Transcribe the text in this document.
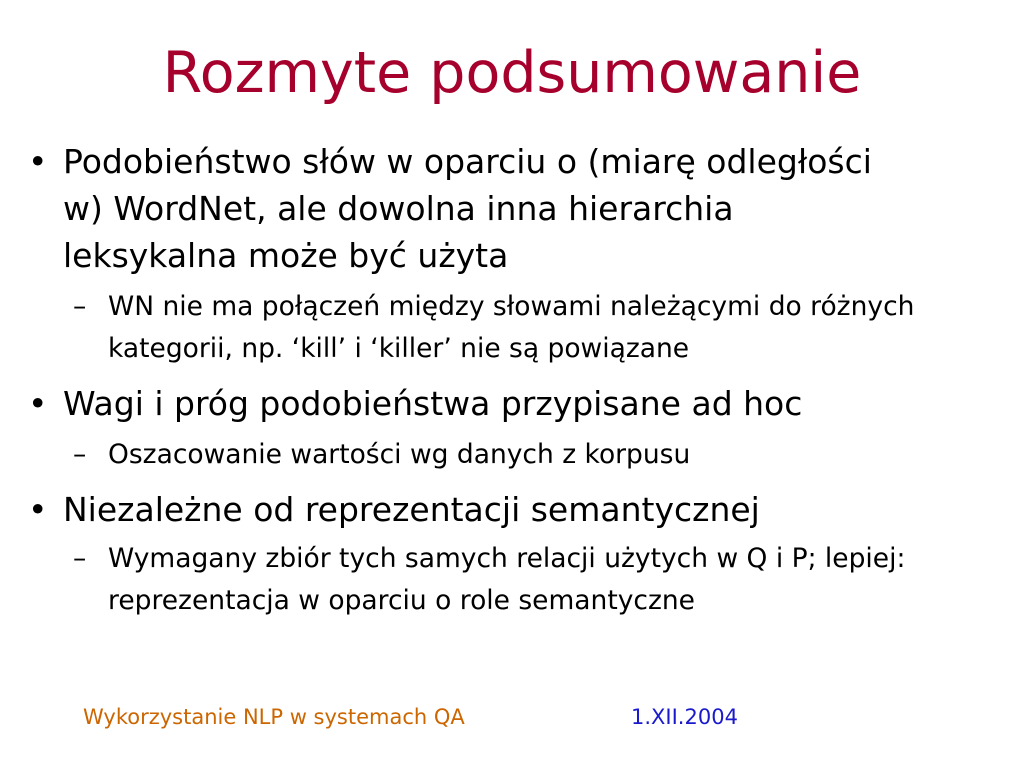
Rozmyte podsumowanie
• Podobieństwo słów w oparciu o (miarę odległości w) WordNet, ale dowolna inna hierarchia leksykalna może być użyta
– WN nie ma połączeń między słowami należącymi do różnych kategorii, np. ‘kill’ i ‘killer’ nie są powiązane
• Wagi i próg podobieństwa przypisane ad hoc
– Oszacowanie wartości wg danych z korpusu
• Niezależne od reprezentacji semantycznej
– Wymagany zbiór tych samych relacji użytych w Q i P; lepiej: reprezentacja w oparciu o role semantyczne
Wykorzystanie NLP w systemach QA	1.XII.2004
